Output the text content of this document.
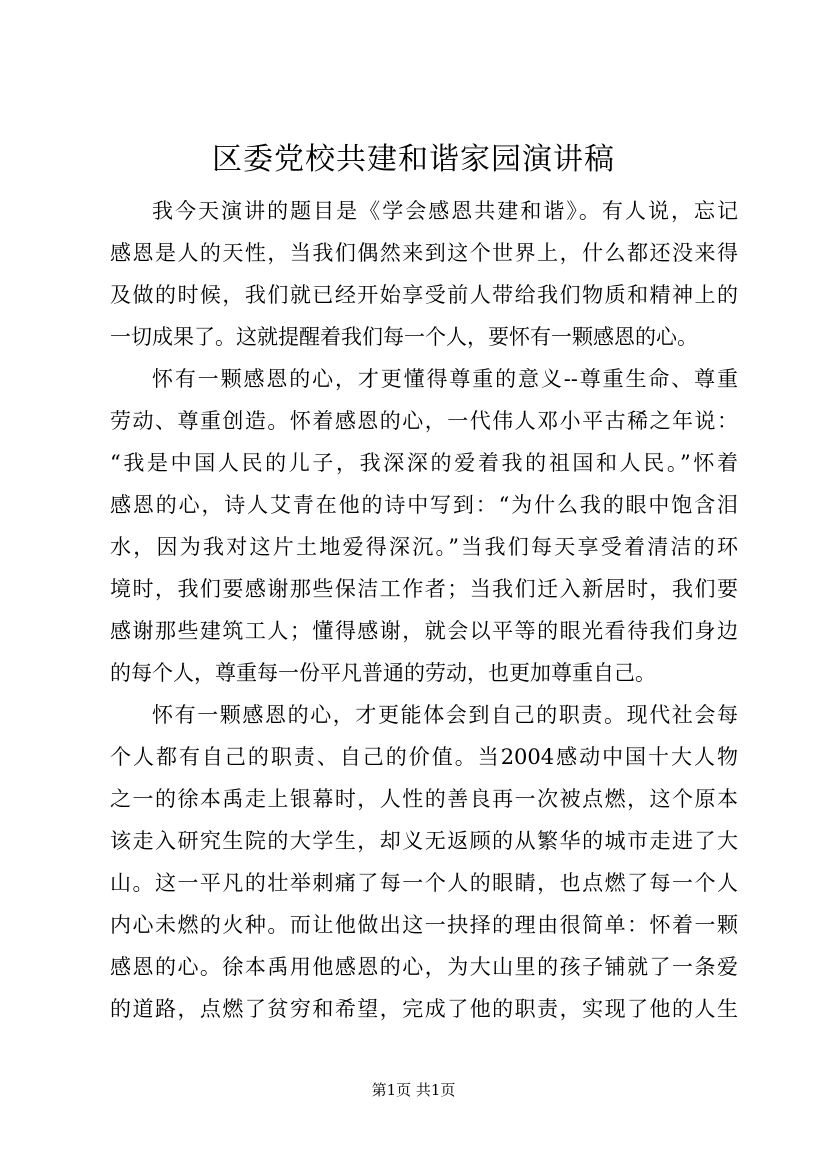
区委党校共建和谐家园演讲稿
我今天演讲的题目是《学会感恩共建和谐》。有人说，忘记
感恩是人的天性，当我们偶然来到这个世界上，什么都还没来得
及做的时候，我们就已经开始享受前人带给我们物质和精神上的
一切成果了。这就提醒着我们每一个人，要怀有一颗感恩的心。
怀有一颗感恩的心，才更懂得尊重的意义--尊重生命、尊重
劳动、尊重创造。怀着感恩的心，一代伟人邓小平古稀之年说：
“我是中国人民的儿子，我深深的爱着我的祖国和人民。”怀着
感恩的心，诗人艾青在他的诗中写到：“为什么我的眼中饱含泪
水，因为我对这片土地爱得深沉。”当我们每天享受着清洁的环
境时，我们要感谢那些保洁工作者；当我们迁入新居时，我们要
感谢那些建筑工人；懂得感谢，就会以平等的眼光看待我们身边
的每个人，尊重每一份平凡普通的劳动，也更加尊重自己。
怀有一颗感恩的心，才更能体会到自己的职责。现代社会每
个人都有自己的职责、自己的价值。当2004感动中国十大人物
之一的徐本禹走上银幕时，人性的善良再一次被点燃，这个原本
该走入研究生院的大学生，却义无返顾的从繁华的城市走进了大
山。这一平凡的壮举刺痛了每一个人的眼睛，也点燃了每一个人
内心未燃的火种。而让他做出这一抉择的理由很简单：怀着一颗
感恩的心。徐本禹用他感恩的心，为大山里的孩子铺就了一条爱
的道路，点燃了贫穷和希望，完成了他的职责，实现了他的人生
第1页 共1页
